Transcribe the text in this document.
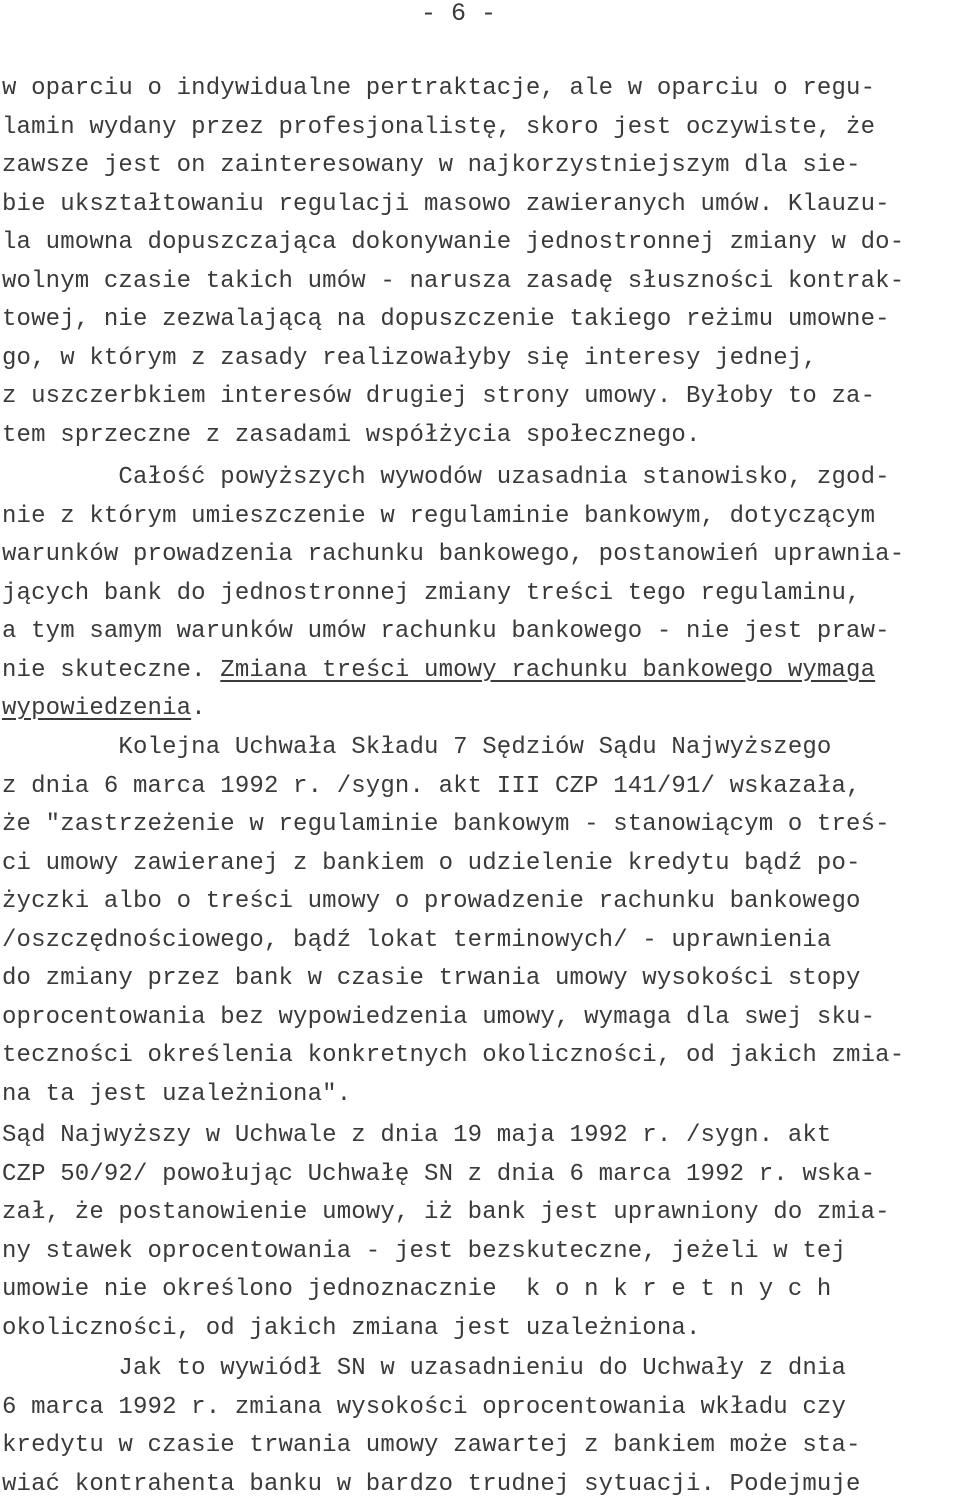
- 6 -
w oparciu o indywidualne pertraktacje, ale w oparciu o regu-
lamin wydany przez profesjonalistę, skoro jest oczywiste, że
zawsze jest on zainteresowany w najkorzystniejszym dla sie-
bie ukształtowaniu regulacji masowo zawieranych umów. Klauzu-
la umowna dopuszczająca dokonywanie jednostronnej zmiany w do-
wolnym czasie takich umów - narusza zasadę słuszności kontrak-
towej, nie zezwalającą na dopuszczenie takiego reżimu umowne-
go, w którym z zasady realizowałyby się interesy jednej,
z uszczerbkiem interesów drugiej strony umowy. Byłoby to za-
tem sprzeczne z zasadami współżycia społecznego.
Całość powyższych wywodów uzasadnia stanowisko, zgod-
nie z którym umieszczenie w regulaminie bankowym, dotyczącym
warunków prowadzenia rachunku bankowego, postanowień uprawnia-
jących bank do jednostronnej zmiany treści tego regulaminu,
a tym samym warunków umów rachunku bankowego - nie jest praw-
nie skuteczne. Zmiana treści umowy rachunku bankowego wymaga
wypowiedzenia.
Kolejna Uchwała Składu 7 Sędziów Sądu Najwyższego
z dnia 6 marca 1992 r. /sygn. akt III CZP 141/91/ wskazała,
że "zastrzeżenie w regulaminie bankowym - stanowiącym o treś-
ci umowy zawieranej z bankiem o udzielenie kredytu bądź po-
życzki albo o treści umowy o prowadzenie rachunku bankowego
/oszczędnościowego, bądź lokat terminowych/ - uprawnienia
do zmiany przez bank w czasie trwania umowy wysokości stopy
oprocentowania bez wypowiedzenia umowy, wymaga dla swej sku-
teczności określenia konkretnych okoliczności, od jakich zmia-
na ta jest uzależniona".
Sąd Najwyższy w Uchwale z dnia 19 maja 1992 r. /sygn. akt
CZP 50/92/ powołując Uchwałę SN z dnia 6 marca 1992 r. wska-
zał, że postanowienie umowy, iż bank jest uprawniony do zmia-
ny stawek oprocentowania - jest bezskuteczne, jeżeli w tej
umowie nie określono jednoznacznie  k o n k r e t n y c h
okoliczności, od jakich zmiana jest uzależniona.
Jak to wywiódł SN w uzasadnieniu do Uchwały z dnia
6 marca 1992 r. zmiana wysokości oprocentowania wkładu czy
kredytu w czasie trwania umowy zawartej z bankiem może sta-
wiać kontrahenta banku w bardzo trudnej sytuacji. Podejmuje
